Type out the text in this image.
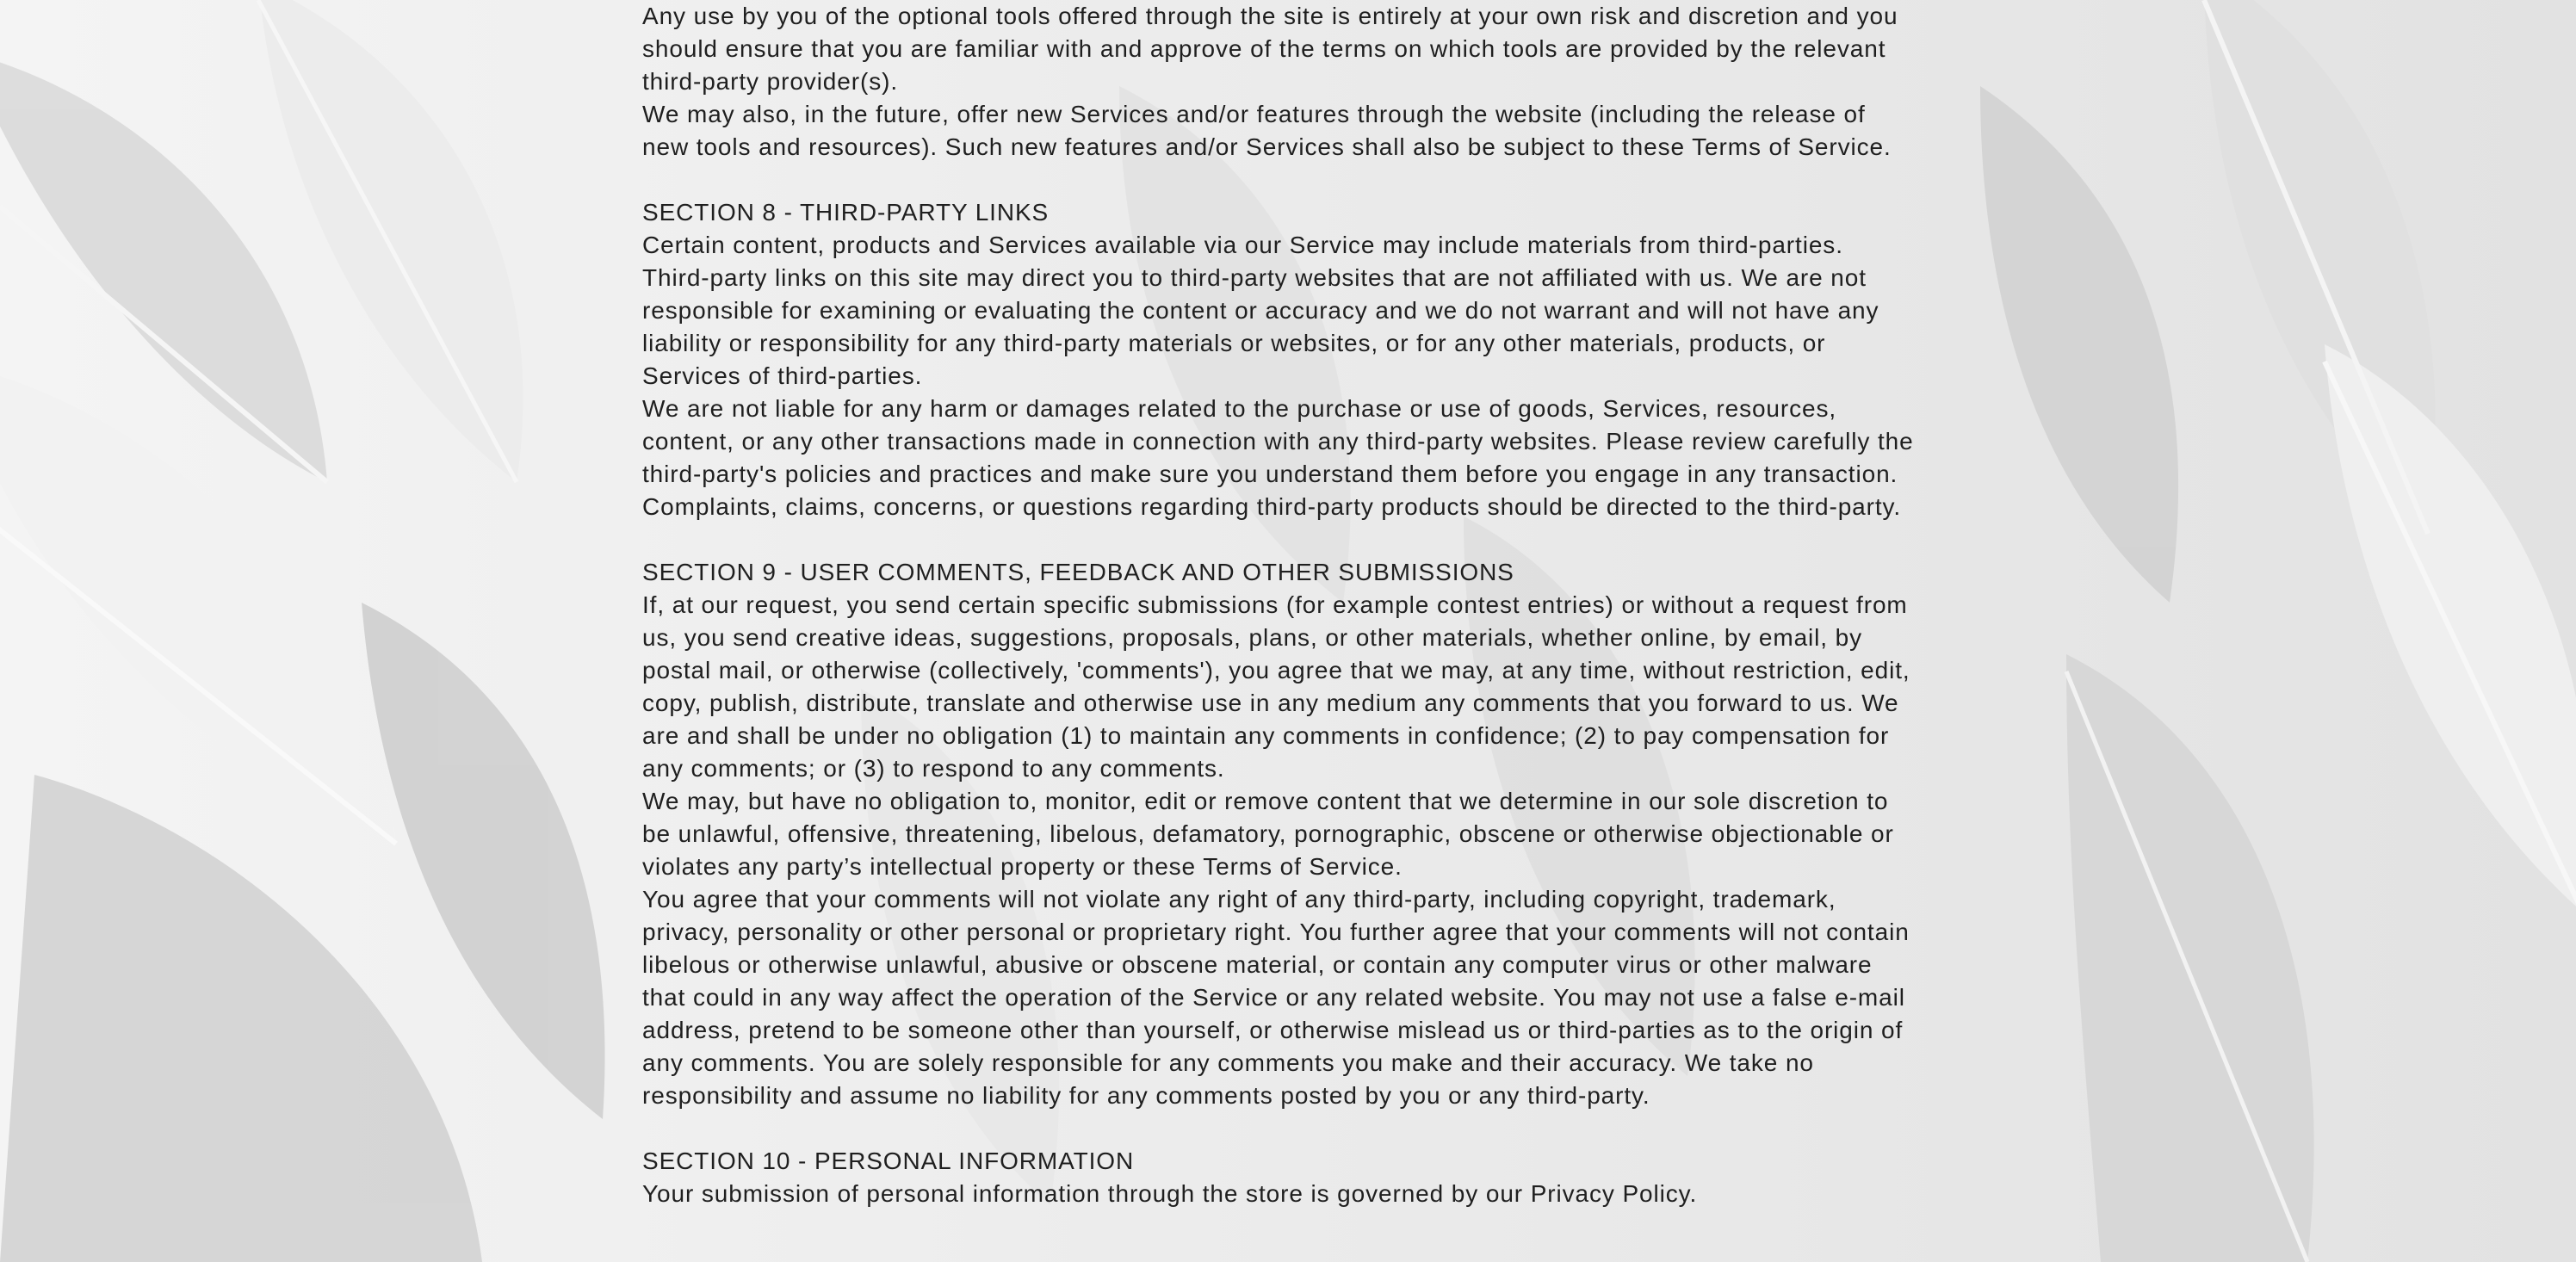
Any use by you of the optional tools offered through the site is entirely at your own risk and discretion and you should ensure that you are familiar with and approve of the terms on which tools are provided by the relevant third-party provider(s).

We may also, in the future, offer new Services and/or features through the website (including the release of new tools and resources). Such new features and/or Services shall also be subject to these Terms of Service.

SECTION 8 - THIRD-PARTY LINKS

Certain content, products and Services available via our Service may include materials from third-parties.

Third-party links on this site may direct you to third-party websites that are not affiliated with us. We are not responsible for examining or evaluating the content or accuracy and we do not warrant and will not have any liability or responsibility for any third-party materials or websites, or for any other materials, products, or Services of third-parties.

We are not liable for any harm or damages related to the purchase or use of goods, Services, resources, content, or any other transactions made in connection with any third-party websites. Please review carefully the third-party's policies and practices and make sure you understand them before you engage in any transaction. Complaints, claims, concerns, or questions regarding third-party products should be directed to the third-party.

SECTION 9 - USER COMMENTS, FEEDBACK AND OTHER SUBMISSIONS

If, at our request, you send certain specific submissions (for example contest entries) or without a request from us, you send creative ideas, suggestions, proposals, plans, or other materials, whether online, by email, by postal mail, or otherwise (collectively, 'comments'), you agree that we may, at any time, without restriction, edit, copy, publish, distribute, translate and otherwise use in any medium any comments that you forward to us. We are and shall be under no obligation (1) to maintain any comments in confidence; (2) to pay compensation for any comments; or (3) to respond to any comments.

We may, but have no obligation to, monitor, edit or remove content that we determine in our sole discretion to be unlawful, offensive, threatening, libelous, defamatory, pornographic, obscene or otherwise objectionable or violates any party’s intellectual property or these Terms of Service.

You agree that your comments will not violate any right of any third-party, including copyright, trademark, privacy, personality or other personal or proprietary right. You further agree that your comments will not contain libelous or otherwise unlawful, abusive or obscene material, or contain any computer virus or other malware that could in any way affect the operation of the Service or any related website. You may not use a false e-mail address, pretend to be someone other than yourself, or otherwise mislead us or third-parties as to the origin of any comments. You are solely responsible for any comments you make and their accuracy. We take no responsibility and assume no liability for any comments posted by you or any third-party.

SECTION 10 - PERSONAL INFORMATION

Your submission of personal information through the store is governed by our Privacy Policy.
